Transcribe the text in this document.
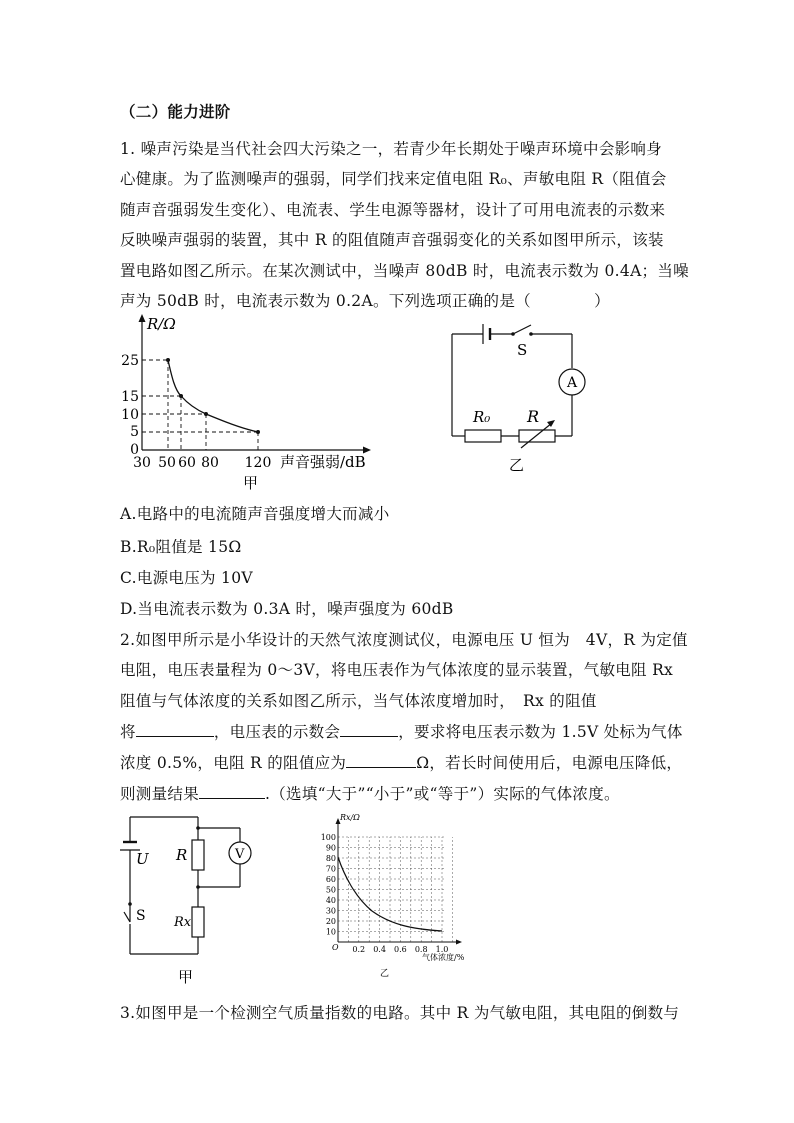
（二）能力进阶
1. 噪声污染是当代社会四大污染之一，若青少年长期处于噪声环境中会影响身
心健康。为了监测噪声的强弱，同学们找来定值电阻 R₀、声敏电阻 R（阻值会
随声音强弱发生变化）、电流表、学生电源等器材，设计了可用电流表的示数来
反映噪声强弱的装置，其中 R 的阻值随声音强弱变化的关系如图甲所示，该装
置电路如图乙所示。在某次测试中，当噪声 80dB 时，电流表示数为 0.4A；当噪
声为 50dB 时，电流表示数为 0.2A。下列选项正确的是（　　　　）
R/Ω
25
15
10
5
0
30 50 60 80 120 声音强弱/dB
甲
S
A
R₀ R
乙
A.电路中的电流随声音强度增大而减小
B.R₀阻值是 15Ω
C.电源电压为 10V
D.当电流表示数为 0.3A 时，噪声强度为 60dB
2.如图甲所示是小华设计的天然气浓度测试仪，电源电压 U 恒为　4V，R 为定值
电阻，电压表量程为 0～3V，将电压表作为气体浓度的显示装置，气敏电阻 Rx
阻值与气体浓度的关系如图乙所示，当气体浓度增加时，　Rx 的阻值
将	，电压表的示数会	，要求将电压表示数为 1.5V 处标为气体
浓度 0.5%，电阻 R 的阻值应为	Ω，若长时间使用后，电源电压降低，
则测量结果	.（选填“大于”“小于”或“等于”）实际的气体浓度。
U R	V
S Rx
甲
Rx/Ω
100
90
80
70
60
50
40
30
20
10
0.2 0.4 0.6 0.8 1.0
O
气体浓度/%
乙
3.如图甲是一个检测空气质量指数的电路。其中 R 为气敏电阻，其电阻的倒数与
